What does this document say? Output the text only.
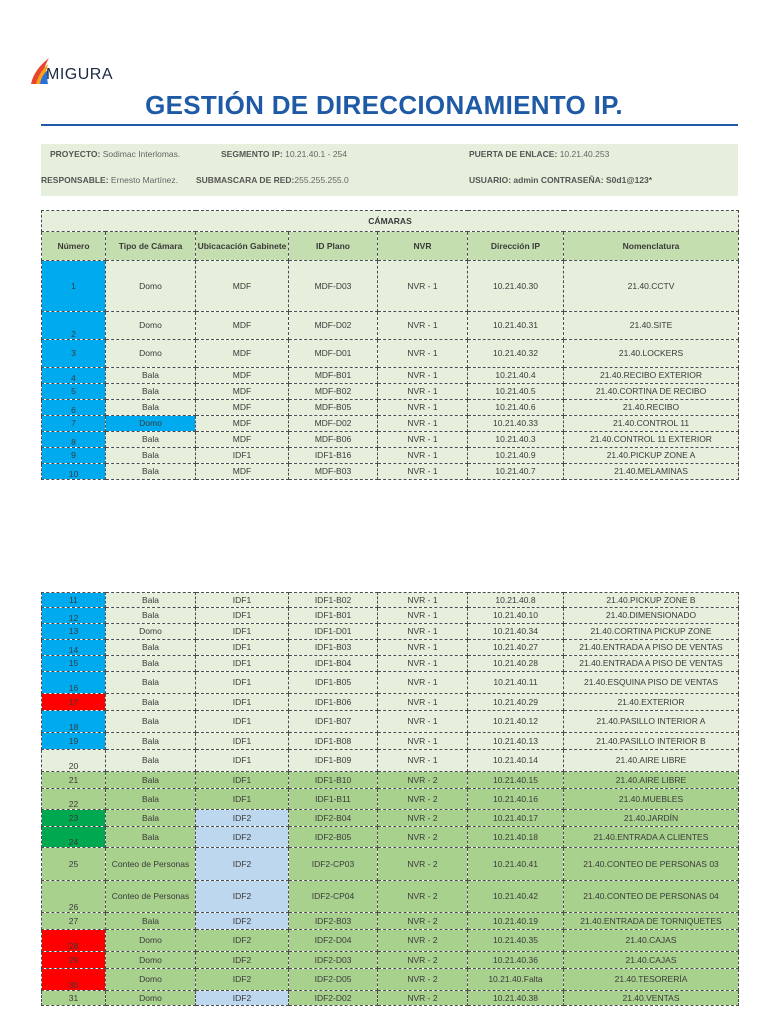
MIGURA
GESTIÓN DE DIRECCIONAMIENTO IP.
PROYECTO: Sodimac Interlomas.	SEGMENTO IP: 10.21.40.1 - 254	PUERTA DE ENLACE: 10.21.40.253
RESPONSABLE: Ernesto Martínez. SUBMASCARA DE RED:255.255.255.0	USUARIO: admin CONTRASEÑA: S0d1@123*
CÁMARAS						
Número	Tipo de Cámara	Ubicacación Gabinete	ID Plano	NVR	Dirección IP	Nomenclatura
1	Domo	MDF	MDF-D03	NVR - 1	10.21.40.30	21.40.CCTV
2	Domo	MDF	MDF-D02	NVR - 1	10.21.40.31	21.40.SITE
3	Domo	MDF	MDF-D01	NVR - 1	10.21.40.32	21.40.LOCKERS
4	Bala	MDF	MDF-B01	NVR - 1	10.21.40.4	21.40.RECIBO EXTERIOR
5	Bala	MDF	MDF-B02	NVR - 1	10.21.40.5	21.40.CORTINA DE RECIBO
6	Bala	MDF	MDF-B05	NVR - 1	10.21.40.6	21.40.RECIBO
7	Domo	MDF	MDF-D02	NVR - 1	10.21.40.33	21.40.CONTROL 11
8	Bala	MDF	MDF-B06	NVR - 1	10.21.40.3	21.40.CONTROL 11 EXTERIOR
9	Bala	IDF1	IDF1-B16	NVR - 1	10.21.40.9	21.40.PICKUP ZONE A
10	Bala	MDF	MDF-B03	NVR - 1	10.21.40.7	21.40.MELAMINAS
11	Bala	IDF1	IDF1-B02	NVR - 1	10.21.40.8	21.40.PICKUP ZONE B
12	Bala	IDF1	IDF1-B01	NVR - 1	10.21.40.10	21.40.DIMENSIONADO
13	Domo	IDF1	IDF1-D01	NVR - 1	10.21.40.34	21.40.CORTINA PICKUP ZONE
14	Bala	IDF1	IDF1-B03	NVR - 1	10.21.40.27	21.40.ENTRADA A PISO DE VENTAS
15	Bala	IDF1	IDF1-B04	NVR - 1	10.21.40.28	21.40.ENTRADA A PISO DE VENTAS
16	Bala	IDF1	IDF1-B05	NVR - 1	10.21.40.11	21.40.ESQUINA PISO DE VENTAS
17	Bala	IDF1	IDF1-B06	NVR - 1	10.21.40.29	21.40.EXTERIOR
18	Bala	IDF1	IDF1-B07	NVR - 1	10.21.40.12	21.40.PASILLO INTERIOR A
19	Bala	IDF1	IDF1-B08	NVR - 1	10.21.40.13	21.40.PASILLO INTERIOR B
20	Bala	IDF1	IDF1-B09	NVR - 1	10.21.40.14	21.40.AIRE LIBRE
21	Bala	IDF1	IDF1-B10	NVR - 2	10.21.40.15	21.40.AIRE LIBRE
22	Bala	IDF1	IDF1-B11	NVR - 2	10.21.40.16	21.40.MUEBLES
23	Bala	IDF2	IDF2-B04	NVR - 2	10.21.40.17	21.40.JARDÍN
24	Bala	IDF2	IDF2-B05	NVR - 2	10.21.40.18	21.40.ENTRADA A CLIENTES
25	Conteo de Personas	IDF2	IDF2-CP03	NVR - 2	10.21.40.41	21.40.CONTEO DE PERSONAS 03
26	Conteo de Personas	IDF2	IDF2-CP04	NVR - 2	10.21.40.42	21.40.CONTEO DE PERSONAS 04
27	Bala	IDF2	IDF2-B03	NVR - 2	10.21.40.19	21.40.ENTRADA DE TORNIQUETES
28	Domo	IDF2	IDF2-D04	NVR - 2	10.21.40.35	21.40.CAJAS
29	Domo	IDF2	IDF2-D03	NVR - 2	10.21.40.36	21.40.CAJAS
30	Domo	IDF2	IDF2-D05	NVR - 2	10.21.40.Falta	21.40.TESORERÍA
31	Domo	IDF2	IDF2-D02	NVR - 2	10.21.40.38	21.40.VENTAS
